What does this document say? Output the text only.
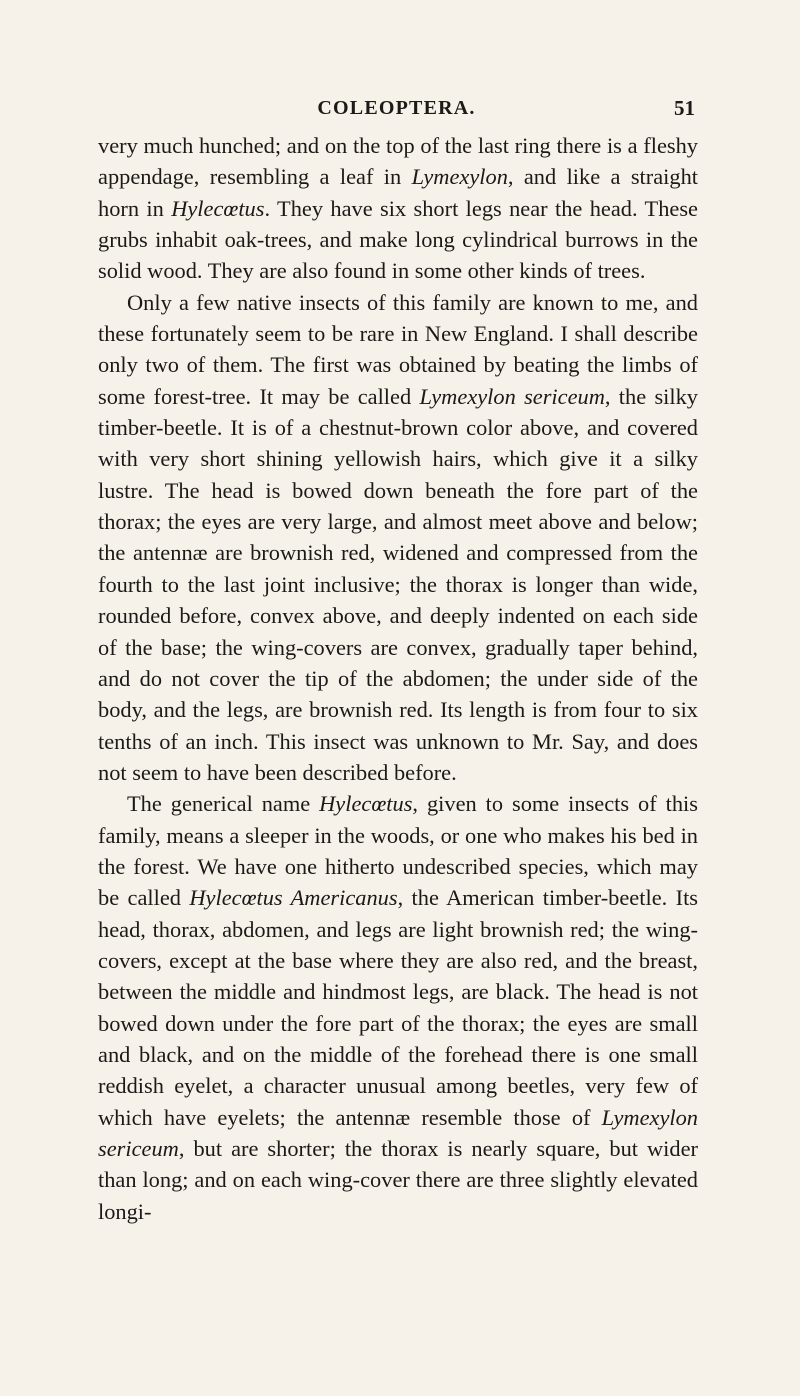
COLEOPTERA.	51

very much hunched; and on the top of the last ring there is a fleshy appendage, resembling a leaf in Lymexylon, and like a straight horn in Hylecœtus. They have six short legs near the head. These grubs inhabit oak-trees, and make long cylindrical burrows in the solid wood. They are also found in some other kinds of trees.

Only a few native insects of this family are known to me, and these fortunately seem to be rare in New England. I shall describe only two of them. The first was obtained by beating the limbs of some forest-tree. It may be called Lymexylon sericeum, the silky timber-beetle. It is of a chestnut-brown color above, and covered with very short shining yellowish hairs, which give it a silky lustre. The head is bowed down beneath the fore part of the thorax; the eyes are very large, and almost meet above and below; the antennæ are brownish red, widened and compressed from the fourth to the last joint inclusive; the thorax is longer than wide, rounded before, convex above, and deeply indented on each side of the base; the wing-covers are convex, gradually taper behind, and do not cover the tip of the abdomen; the under side of the body, and the legs, are brownish red. Its length is from four to six tenths of an inch. This insect was unknown to Mr. Say, and does not seem to have been described before.

The generical name Hylecœtus, given to some insects of this family, means a sleeper in the woods, or one who makes his bed in the forest. We have one hitherto undescribed species, which may be called Hylecœtus Americanus, the American timber-beetle. Its head, thorax, abdomen, and legs are light brownish red; the wing-covers, except at the base where they are also red, and the breast, between the middle and hindmost legs, are black. The head is not bowed down under the fore part of the thorax; the eyes are small and black, and on the middle of the forehead there is one small reddish eyelet, a character unusual among beetles, very few of which have eyelets; the antennæ resemble those of Lymexylon sericeum, but are shorter; the thorax is nearly square, but wider than long; and on each wing-cover there are three slightly elevated longi-
